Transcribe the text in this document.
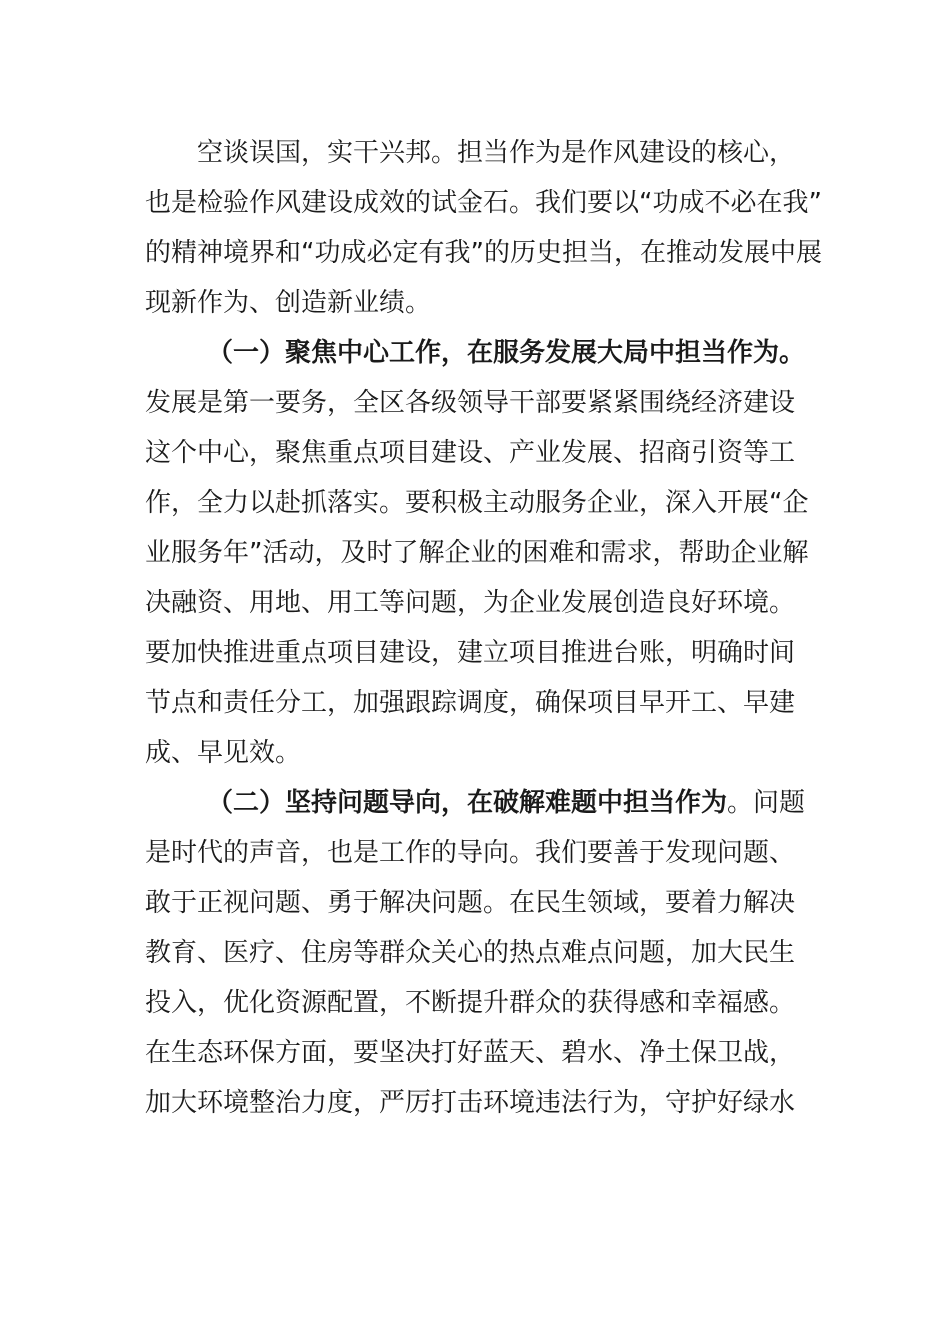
空谈误国，实干兴邦。担当作为是作风建设的核心，
也是检验作风建设成效的试金石。我们要以“功成不必在我”
的精神境界和“功成必定有我”的历史担当，在推动发展中展
现新作为、创造新业绩。

（一）聚焦中心工作，在服务发展大局中担当作为。
发展是第一要务，全区各级领导干部要紧紧围绕经济建设
这个中心，聚焦重点项目建设、产业发展、招商引资等工
作，全力以赴抓落实。要积极主动服务企业，深入开展“企
业服务年”活动，及时了解企业的困难和需求，帮助企业解
决融资、用地、用工等问题，为企业发展创造良好环境。
要加快推进重点项目建设，建立项目推进台账，明确时间
节点和责任分工，加强跟踪调度，确保项目早开工、早建
成、早见效。

（二）坚持问题导向，在破解难题中担当作为。问题
是时代的声音，也是工作的导向。我们要善于发现问题、
敢于正视问题、勇于解决问题。在民生领域，要着力解决
教育、医疗、住房等群众关心的热点难点问题，加大民生
投入，优化资源配置，不断提升群众的获得感和幸福感。
在生态环保方面，要坚决打好蓝天、碧水、净土保卫战，
加大环境整治力度，严厉打击环境违法行为，守护好绿水
